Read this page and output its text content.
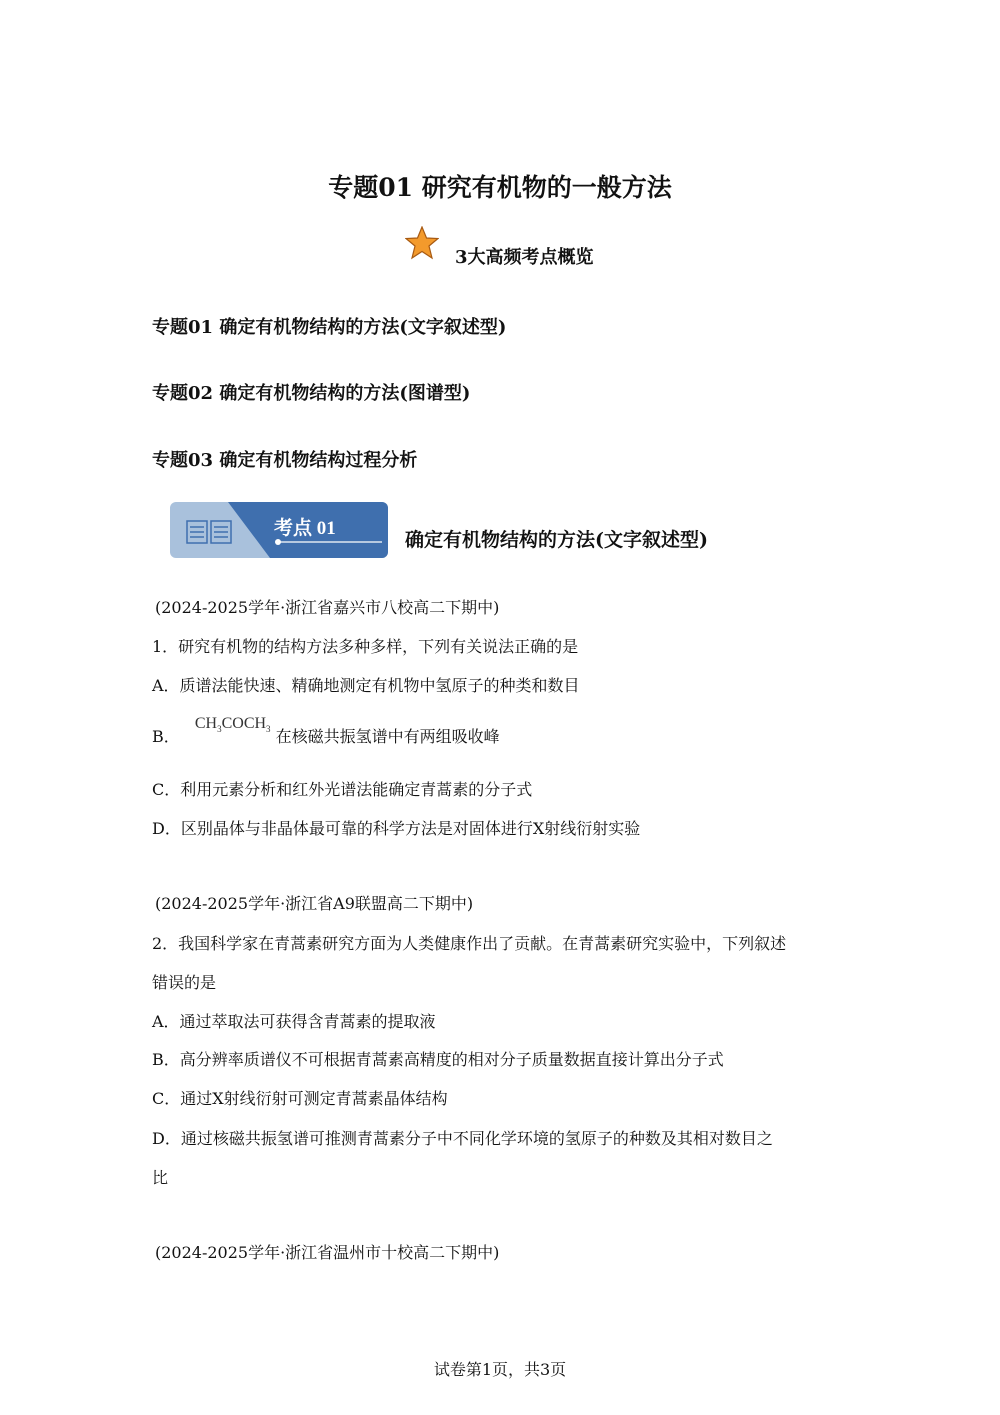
专题01 研究有机物的一般方法
3大高频考点概览
专题01 确定有机物结构的方法(文字叙述型)
专题02 确定有机物结构的方法(图谱型)
专题03 确定有机物结构过程分析
考点 01
确定有机物结构的方法(文字叙述型)
(2024-2025学年·浙江省嘉兴市八校高二下期中)
1．研究有机物的结构方法多种多样，下列有关说法正确的是
A．质谱法能快速、精确地测定有机物中氢原子的种类和数目
B． $CH_3COCH_3$ 在核磁共振氢谱中有两组吸收峰
C．利用元素分析和红外光谱法能确定青蒿素的分子式
D．区别晶体与非晶体最可靠的科学方法是对固体进行X射线衍射实验
(2024-2025学年·浙江省A9联盟高二下期中)
2．我国科学家在青蒿素研究方面为人类健康作出了贡献。在青蒿素研究实验中，下列叙述
错误的是
A．通过萃取法可获得含青蒿素的提取液
B．高分辨率质谱仪不可根据青蒿素高精度的相对分子质量数据直接计算出分子式
C．通过X射线衍射可测定青蒿素晶体结构
D．通过核磁共振氢谱可推测青蒿素分子中不同化学环境的氢原子的种数及其相对数目之
比
(2024-2025学年·浙江省温州市十校高二下期中)
试卷第1页，共3页
